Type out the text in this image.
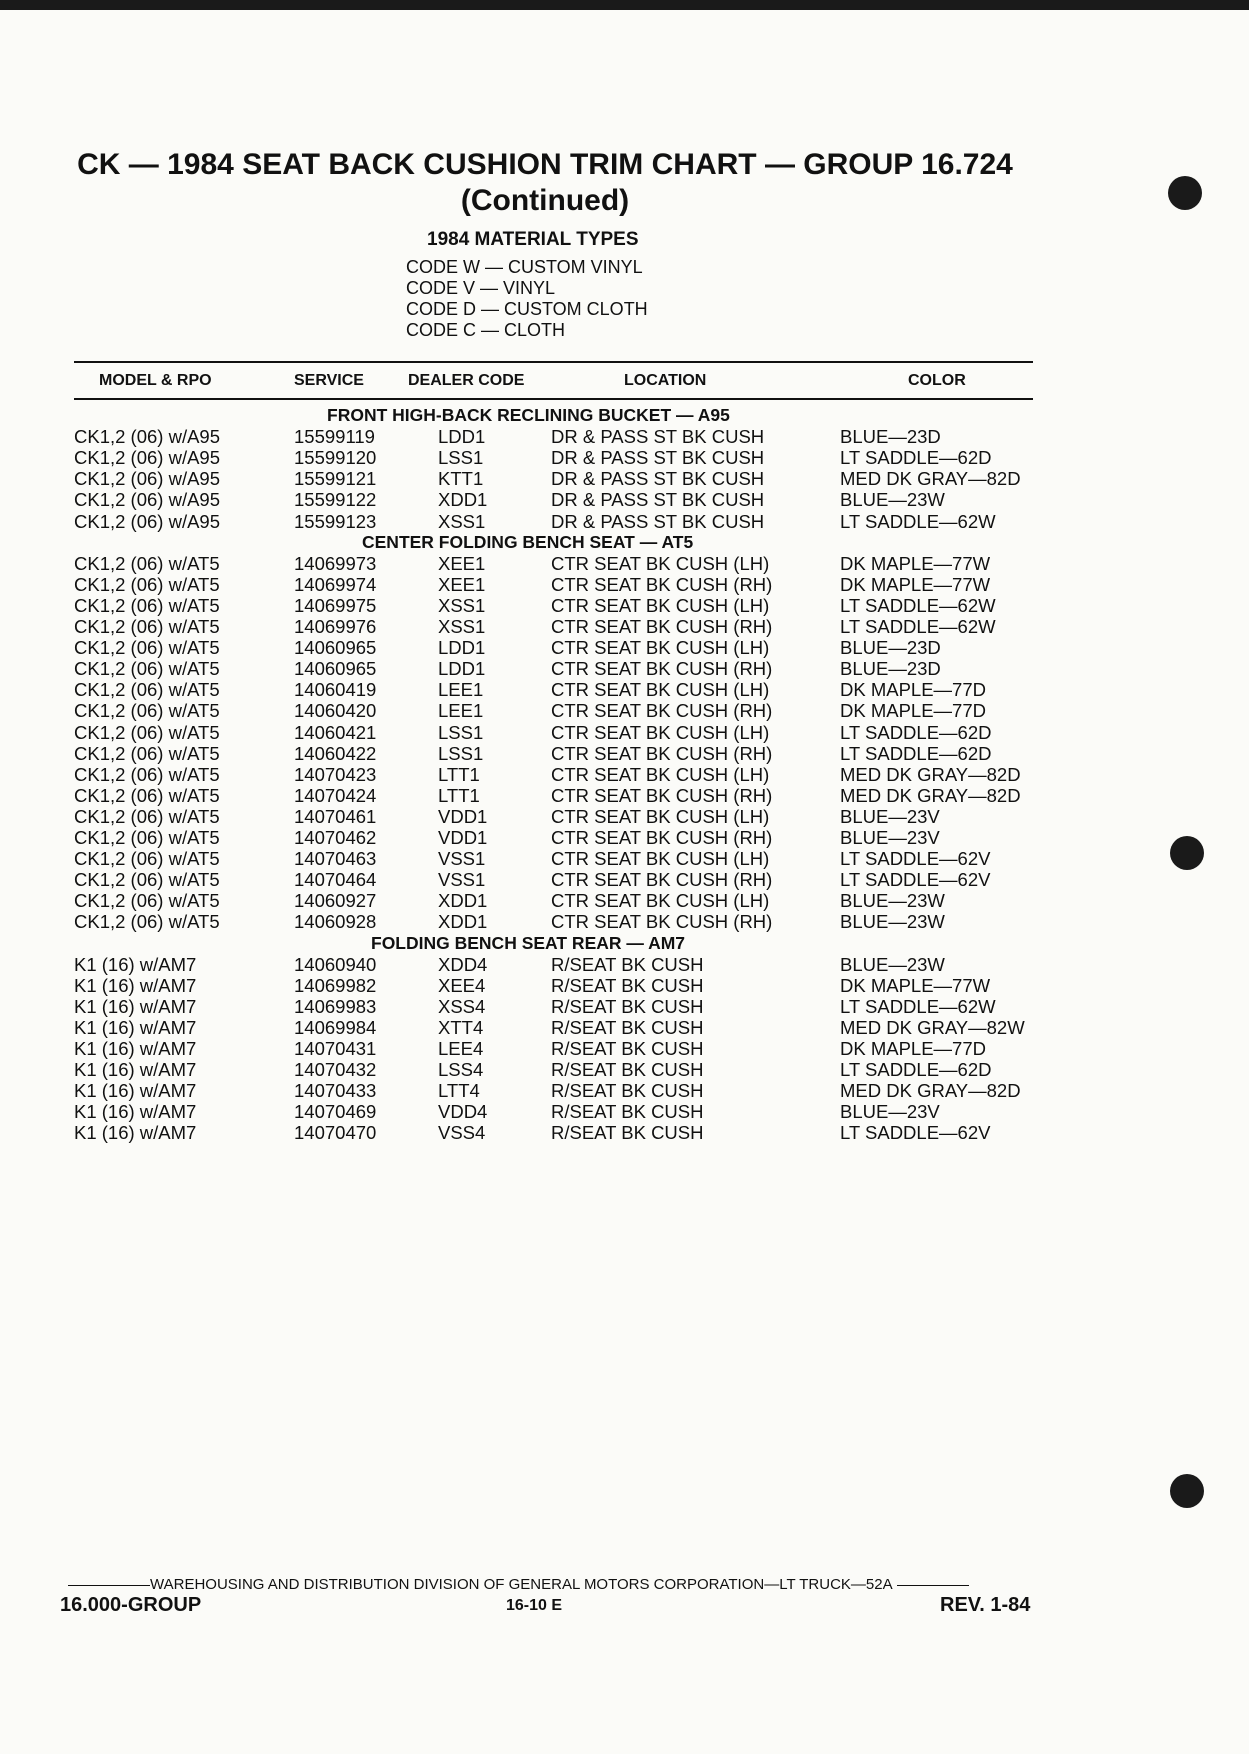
CK — 1984 SEAT BACK CUSHION TRIM CHART — GROUP 16.724
(Continued)
1984 MATERIAL TYPES
CODE W — CUSTOM VINYL
CODE V — VINYL
CODE D — CUSTOM CLOTH
CODE C — CLOTH
MODEL & RPO	SERVICE	DEALER CODE	LOCATION	COLOR
FRONT HIGH-BACK RECLINING BUCKET — A95
CK1,2 (06) w/A95	15599119	LDD1	DR & PASS ST BK CUSH	BLUE—23D
CK1,2 (06) w/A95	15599120	LSS1	DR & PASS ST BK CUSH	LT SADDLE—62D
CK1,2 (06) w/A95	15599121	KTT1	DR & PASS ST BK CUSH	MED DK GRAY—82D
CK1,2 (06) w/A95	15599122	XDD1	DR & PASS ST BK CUSH	BLUE—23W
CK1,2 (06) w/A95	15599123	XSS1	DR & PASS ST BK CUSH	LT SADDLE—62W
CENTER FOLDING BENCH SEAT — AT5
CK1,2 (06) w/AT5	14069973	XEE1	CTR SEAT BK CUSH (LH)	DK MAPLE—77W
CK1,2 (06) w/AT5	14069974	XEE1	CTR SEAT BK CUSH (RH)	DK MAPLE—77W
CK1,2 (06) w/AT5	14069975	XSS1	CTR SEAT BK CUSH (LH)	LT SADDLE—62W
CK1,2 (06) w/AT5	14069976	XSS1	CTR SEAT BK CUSH (RH)	LT SADDLE—62W
CK1,2 (06) w/AT5	14060965	LDD1	CTR SEAT BK CUSH (LH)	BLUE—23D
CK1,2 (06) w/AT5	14060965	LDD1	CTR SEAT BK CUSH (RH)	BLUE—23D
CK1,2 (06) w/AT5	14060419	LEE1	CTR SEAT BK CUSH (LH)	DK MAPLE—77D
CK1,2 (06) w/AT5	14060420	LEE1	CTR SEAT BK CUSH (RH)	DK MAPLE—77D
CK1,2 (06) w/AT5	14060421	LSS1	CTR SEAT BK CUSH (LH)	LT SADDLE—62D
CK1,2 (06) w/AT5	14060422	LSS1	CTR SEAT BK CUSH (RH)	LT SADDLE—62D
CK1,2 (06) w/AT5	14070423	LTT1	CTR SEAT BK CUSH (LH)	MED DK GRAY—82D
CK1,2 (06) w/AT5	14070424	LTT1	CTR SEAT BK CUSH (RH)	MED DK GRAY—82D
CK1,2 (06) w/AT5	14070461	VDD1	CTR SEAT BK CUSH (LH)	BLUE—23V
CK1,2 (06) w/AT5	14070462	VDD1	CTR SEAT BK CUSH (RH)	BLUE—23V
CK1,2 (06) w/AT5	14070463	VSS1	CTR SEAT BK CUSH (LH)	LT SADDLE—62V
CK1,2 (06) w/AT5	14070464	VSS1	CTR SEAT BK CUSH (RH)	LT SADDLE—62V
CK1,2 (06) w/AT5	14060927	XDD1	CTR SEAT BK CUSH (LH)	BLUE—23W
CK1,2 (06) w/AT5	14060928	XDD1	CTR SEAT BK CUSH (RH)	BLUE—23W
FOLDING BENCH SEAT REAR — AM7
K1 (16) w/AM7	14060940	XDD4	R/SEAT BK CUSH	BLUE—23W
K1 (16) w/AM7	14069982	XEE4	R/SEAT BK CUSH	DK MAPLE—77W
K1 (16) w/AM7	14069983	XSS4	R/SEAT BK CUSH	LT SADDLE—62W
K1 (16) w/AM7	14069984	XTT4	R/SEAT BK CUSH	MED DK GRAY—82W
K1 (16) w/AM7	14070431	LEE4	R/SEAT BK CUSH	DK MAPLE—77D
K1 (16) w/AM7	14070432	LSS4	R/SEAT BK CUSH	LT SADDLE—62D
K1 (16) w/AM7	14070433	LTT4	R/SEAT BK CUSH	MED DK GRAY—82D
K1 (16) w/AM7	14070469	VDD4	R/SEAT BK CUSH	BLUE—23V
K1 (16) w/AM7	14070470	VSS4	R/SEAT BK CUSH	LT SADDLE—62V
WAREHOUSING AND DISTRIBUTION DIVISION OF GENERAL MOTORS CORPORATION—LT TRUCK—52A
16.000-GROUP	16-10 E	REV. 1-84
